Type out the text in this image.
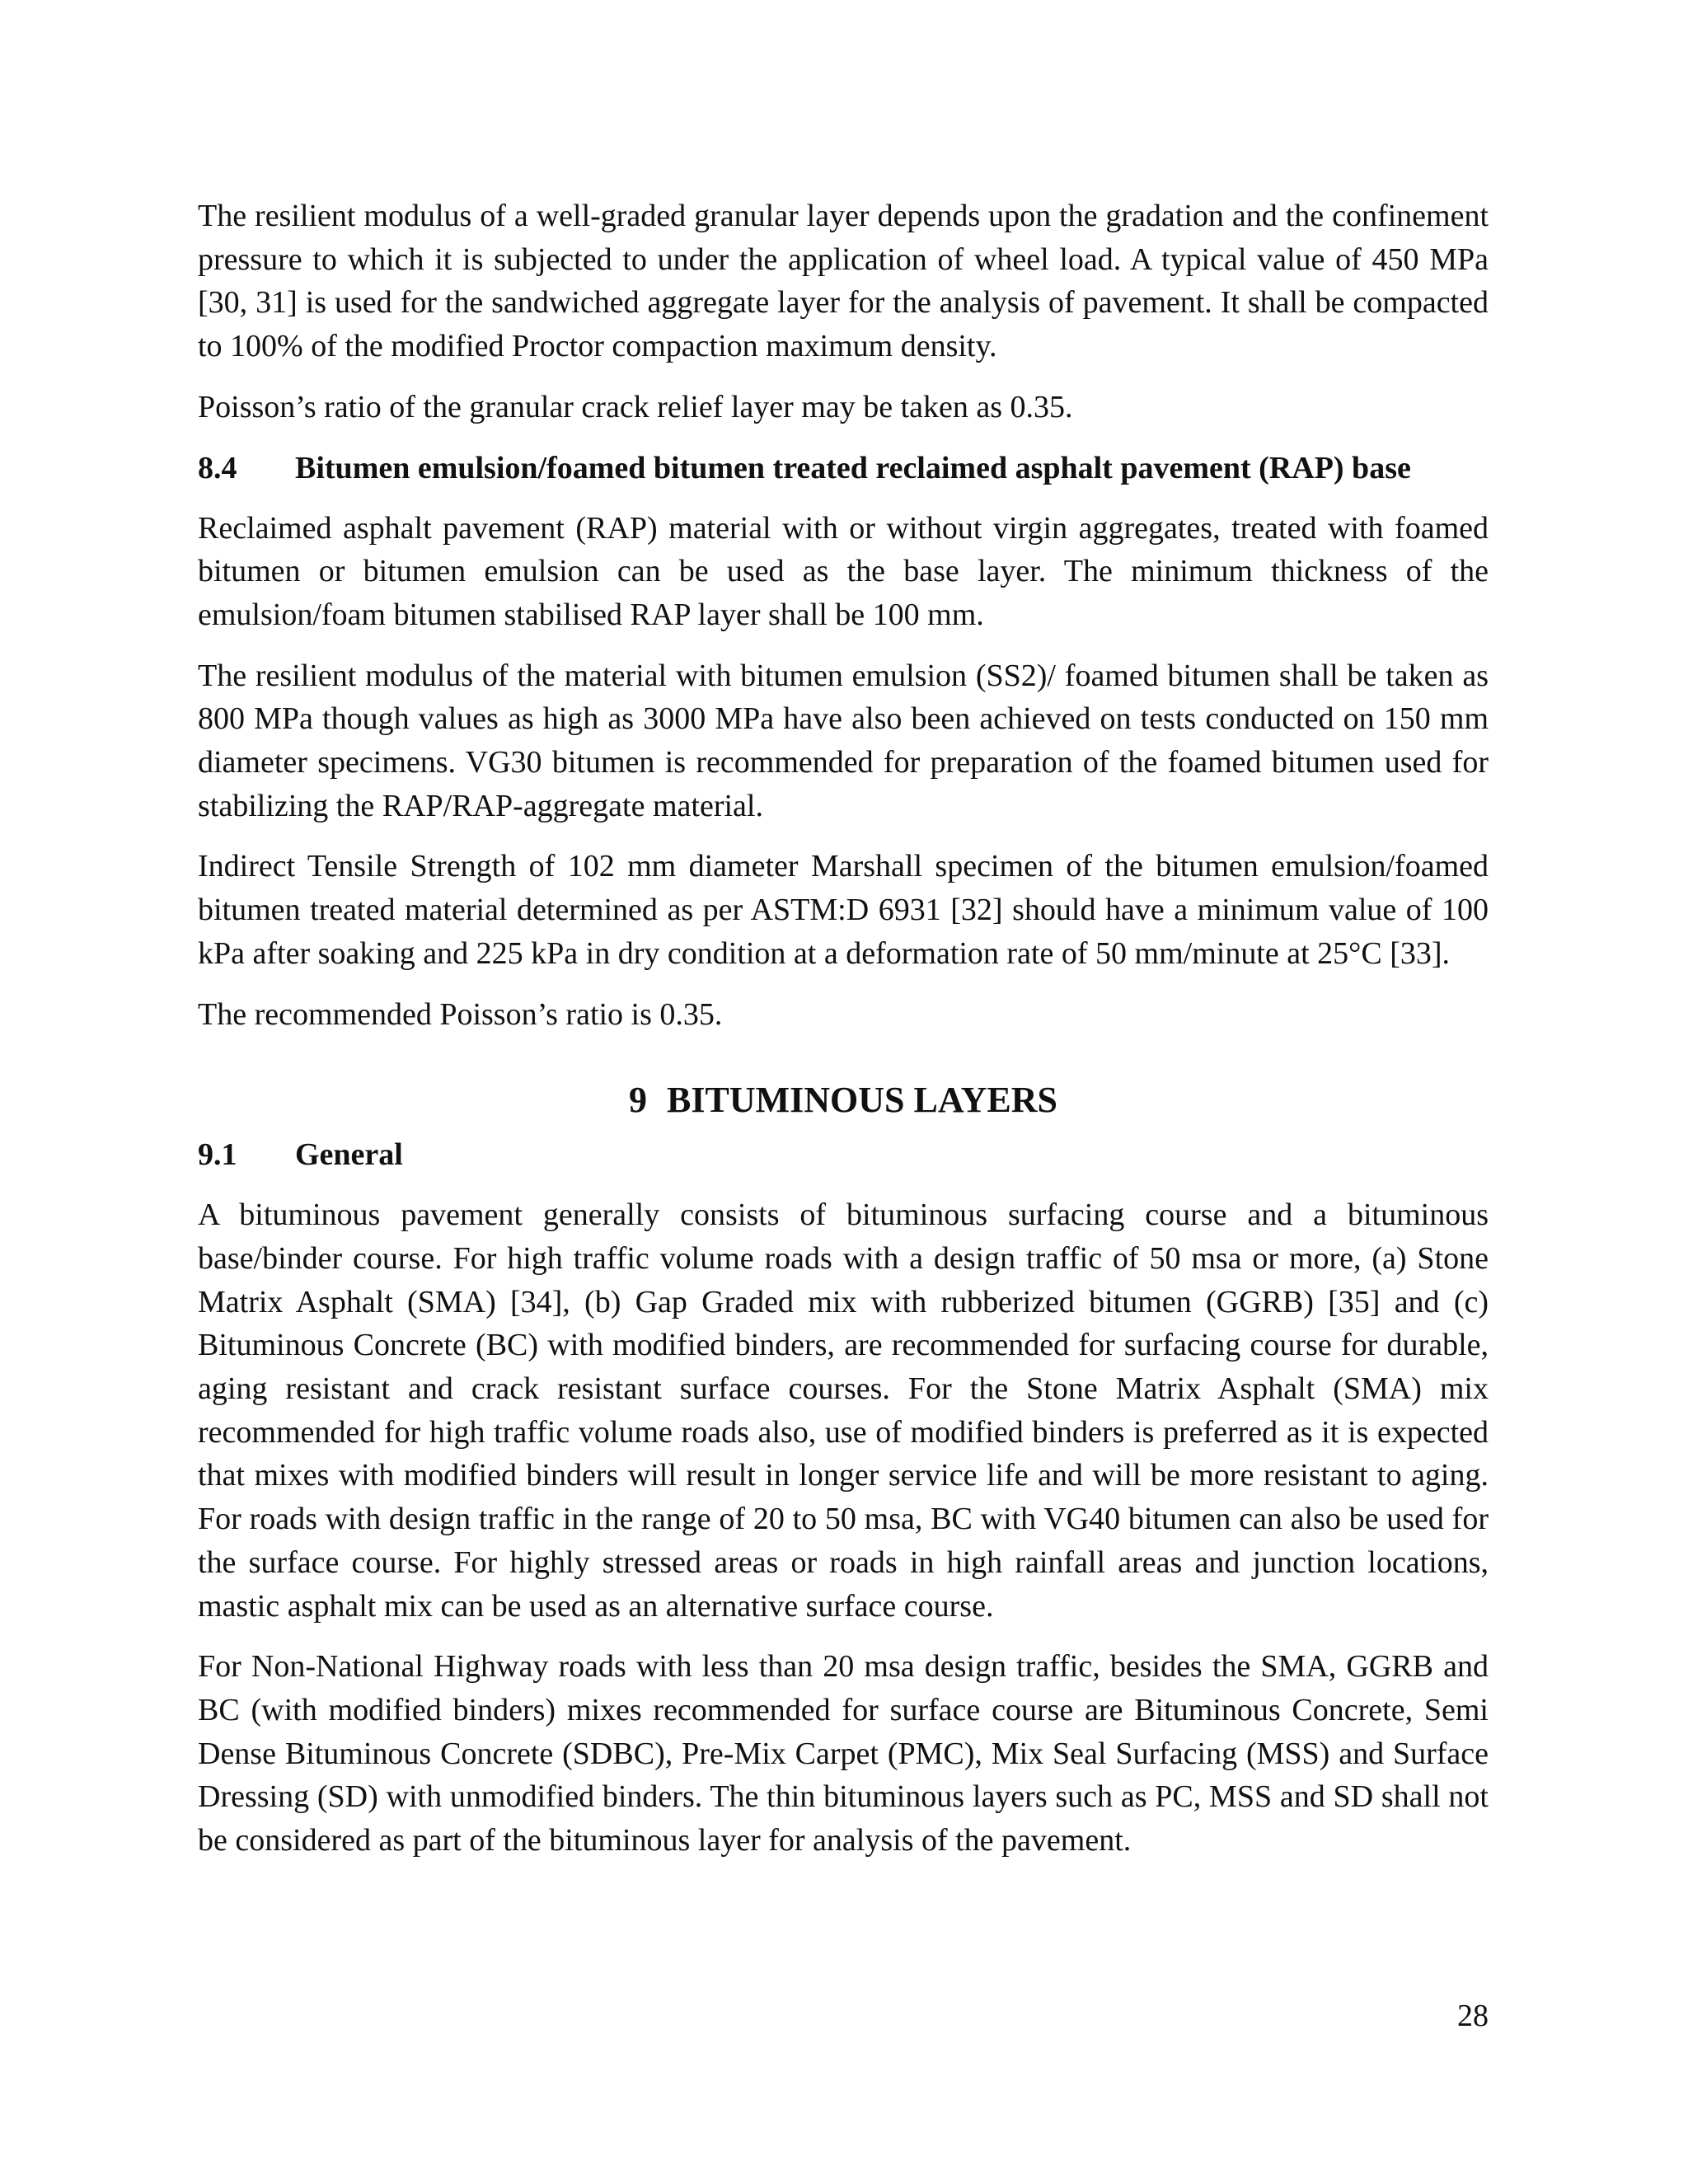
The resilient modulus of a well-graded granular layer depends upon the gradation and the confinement pressure to which it is subjected to under the application of wheel load. A typical value of 450 MPa [30, 31] is used for the sandwiched aggregate layer for the analysis of pavement. It shall be compacted to 100% of the modified Proctor compaction maximum density.

Poisson’s ratio of the granular crack relief layer may be taken as 0.35.

8.4	Bitumen emulsion/foamed bitumen treated reclaimed asphalt pavement (RAP) base

Reclaimed asphalt pavement (RAP) material with or without virgin aggregates, treated with foamed bitumen or bitumen emulsion can be used as the base layer. The minimum thickness of the emulsion/foam bitumen stabilised RAP layer shall be 100 mm.

The resilient modulus of the material with bitumen emulsion (SS2)/ foamed bitumen shall be taken as 800 MPa though values as high as 3000 MPa have also been achieved on tests conducted on 150 mm diameter specimens. VG30 bitumen is recommended for preparation of the foamed bitumen used for stabilizing the RAP/RAP-aggregate material.

Indirect Tensile Strength of 102 mm diameter Marshall specimen of the bitumen emulsion/foamed bitumen treated material determined as per ASTM:D 6931 [32] should have a minimum value of 100 kPa after soaking and 225 kPa in dry condition at a deformation rate of 50 mm/minute at 25°C [33].

The recommended Poisson’s ratio is 0.35.

9 BITUMINOUS LAYERS
9.1	General

A bituminous pavement generally consists of bituminous surfacing course and a bituminous base/binder course. For high traffic volume roads with a design traffic of 50 msa or more, (a) Stone Matrix Asphalt (SMA) [34], (b) Gap Graded mix with rubberized bitumen (GGRB) [35] and (c) Bituminous Concrete (BC) with modified binders, are recommended for surfacing course for durable, aging resistant and crack resistant surface courses. For the Stone Matrix Asphalt (SMA) mix recommended for high traffic volume roads also, use of modified binders is preferred as it is expected that mixes with modified binders will result in longer service life and will be more resistant to aging. For roads with design traffic in the range of 20 to 50 msa, BC with VG40 bitumen can also be used for the surface course. For highly stressed areas or roads in high rainfall areas and junction locations, mastic asphalt mix can be used as an alternative surface course.

For Non-National Highway roads with less than 20 msa design traffic, besides the SMA, GGRB and BC (with modified binders) mixes recommended for surface course are Bituminous Concrete, Semi Dense Bituminous Concrete (SDBC), Pre-Mix Carpet (PMC), Mix Seal Surfacing (MSS) and Surface Dressing (SD) with unmodified binders. The thin bituminous layers such as PC, MSS and SD shall not be considered as part of the bituminous layer for analysis of the pavement.

28
